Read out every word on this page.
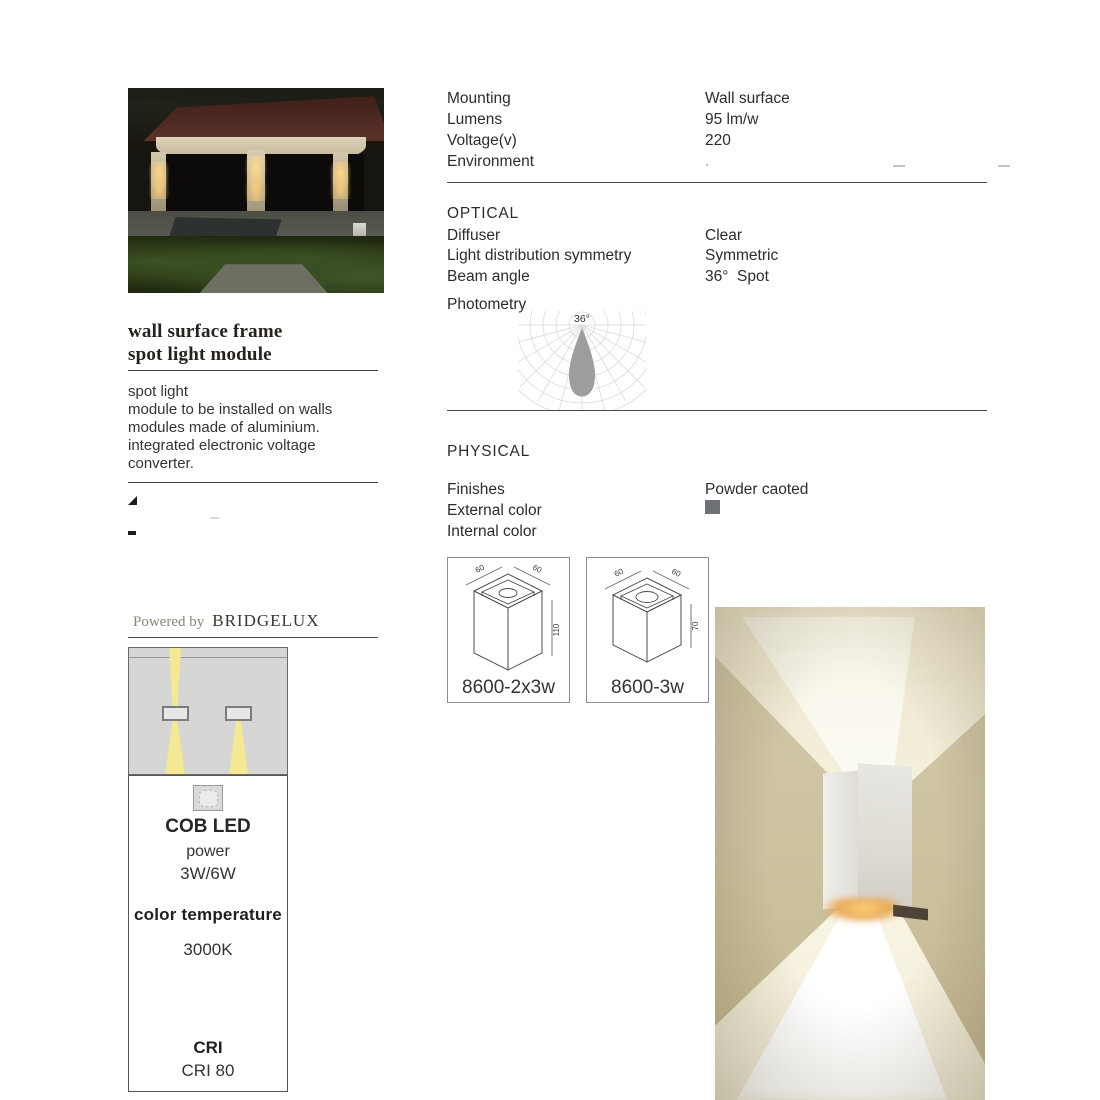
wall surface frame
spot light module
spot light
module to be installed on walls
modules made of aluminium.
integrated electronic voltage
converter.
Powered by BRIDGELUX
COB LED
power
3W/6W
color temperature
3000K
CRI
CRI 80
Mounting	Wall surface
Lumens	95 lm/w
Voltage(v)	220
Environment	.
OPTICAL
Diffuser	Clear
Light distribution symmetry	Symmetric
Beam angle	36°  Spot
Photometry
36°
PHYSICAL
Finishes	Powder caoted
External color
Internal color
60	60
110
8600-2x3w
60	60
70
8600-3w
